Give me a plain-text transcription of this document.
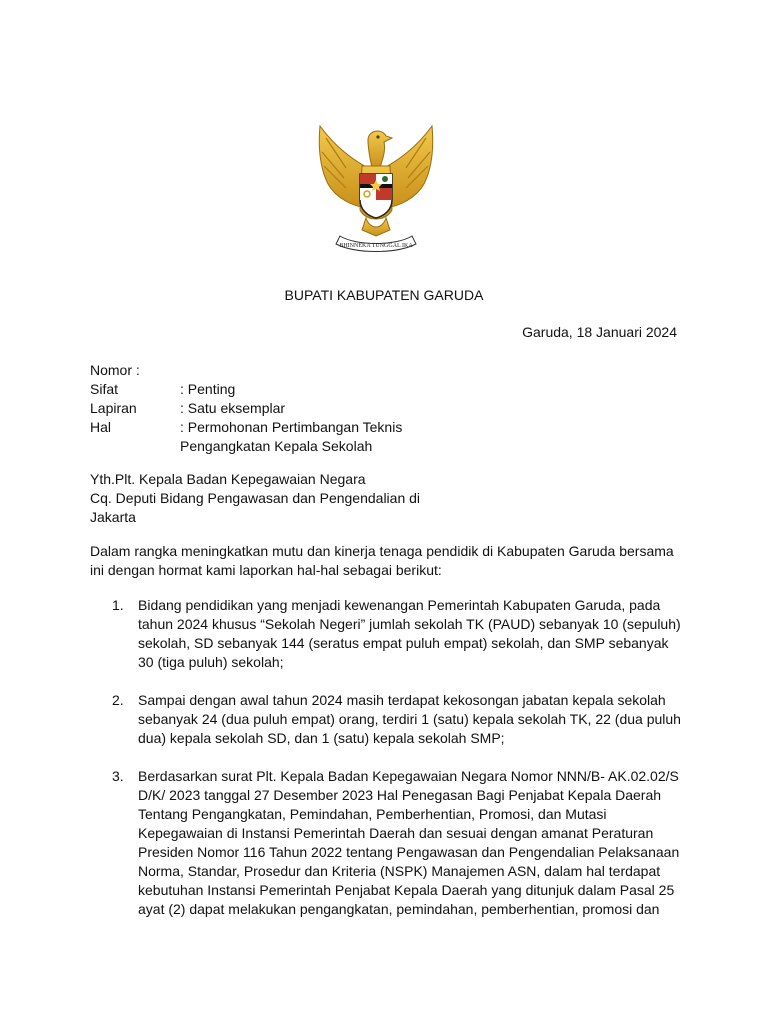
BHINNEKA TUNGGAL IKA
BUPATI KABUPATEN GARUDA
Garuda, 18 Januari 2024
Nomor :
Sifat	: Penting
Lapiran	: Satu eksemplar
Hal	: Permohonan Pertimbangan Teknis
Pengangkatan Kepala Sekolah
Yth.Plt. Kepala Badan Kepegawaian Negara
Cq. Deputi Bidang Pengawasan dan Pengendalian di
Jakarta
Dalam rangka meningkatkan mutu dan kinerja tenaga pendidik di Kabupaten Garuda bersama
ini dengan hormat kami laporkan hal-hal sebagai berikut:
1.	Bidang pendidikan yang menjadi kewenangan Pemerintah Kabupaten Garuda, pada
tahun 2024 khusus “Sekolah Negeri” jumlah sekolah TK (PAUD) sebanyak 10 (sepuluh)
sekolah, SD sebanyak 144 (seratus empat puluh empat) sekolah, dan SMP sebanyak
30 (tiga puluh) sekolah;
2.	Sampai dengan awal tahun 2024 masih terdapat kekosongan jabatan kepala sekolah
sebanyak 24 (dua puluh empat) orang, terdiri 1 (satu) kepala sekolah TK, 22 (dua puluh
dua) kepala sekolah SD, dan 1 (satu) kepala sekolah SMP;
3.	Berdasarkan surat Plt. Kepala Badan Kepegawaian Negara Nomor NNN/B- AK.02.02/S
D/K/ 2023 tanggal 27 Desember 2023 Hal Penegasan Bagi Penjabat Kepala Daerah
Tentang Pengangkatan, Pemindahan, Pemberhentian, Promosi, dan Mutasi
Kepegawaian di Instansi Pemerintah Daerah dan sesuai dengan amanat Peraturan
Presiden Nomor 116 Tahun 2022 tentang Pengawasan dan Pengendalian Pelaksanaan
Norma, Standar, Prosedur dan Kriteria (NSPK) Manajemen ASN, dalam hal terdapat
kebutuhan Instansi Pemerintah Penjabat Kepala Daerah yang ditunjuk dalam Pasal 25
ayat (2) dapat melakukan pengangkatan, pemindahan, pemberhentian, promosi dan
